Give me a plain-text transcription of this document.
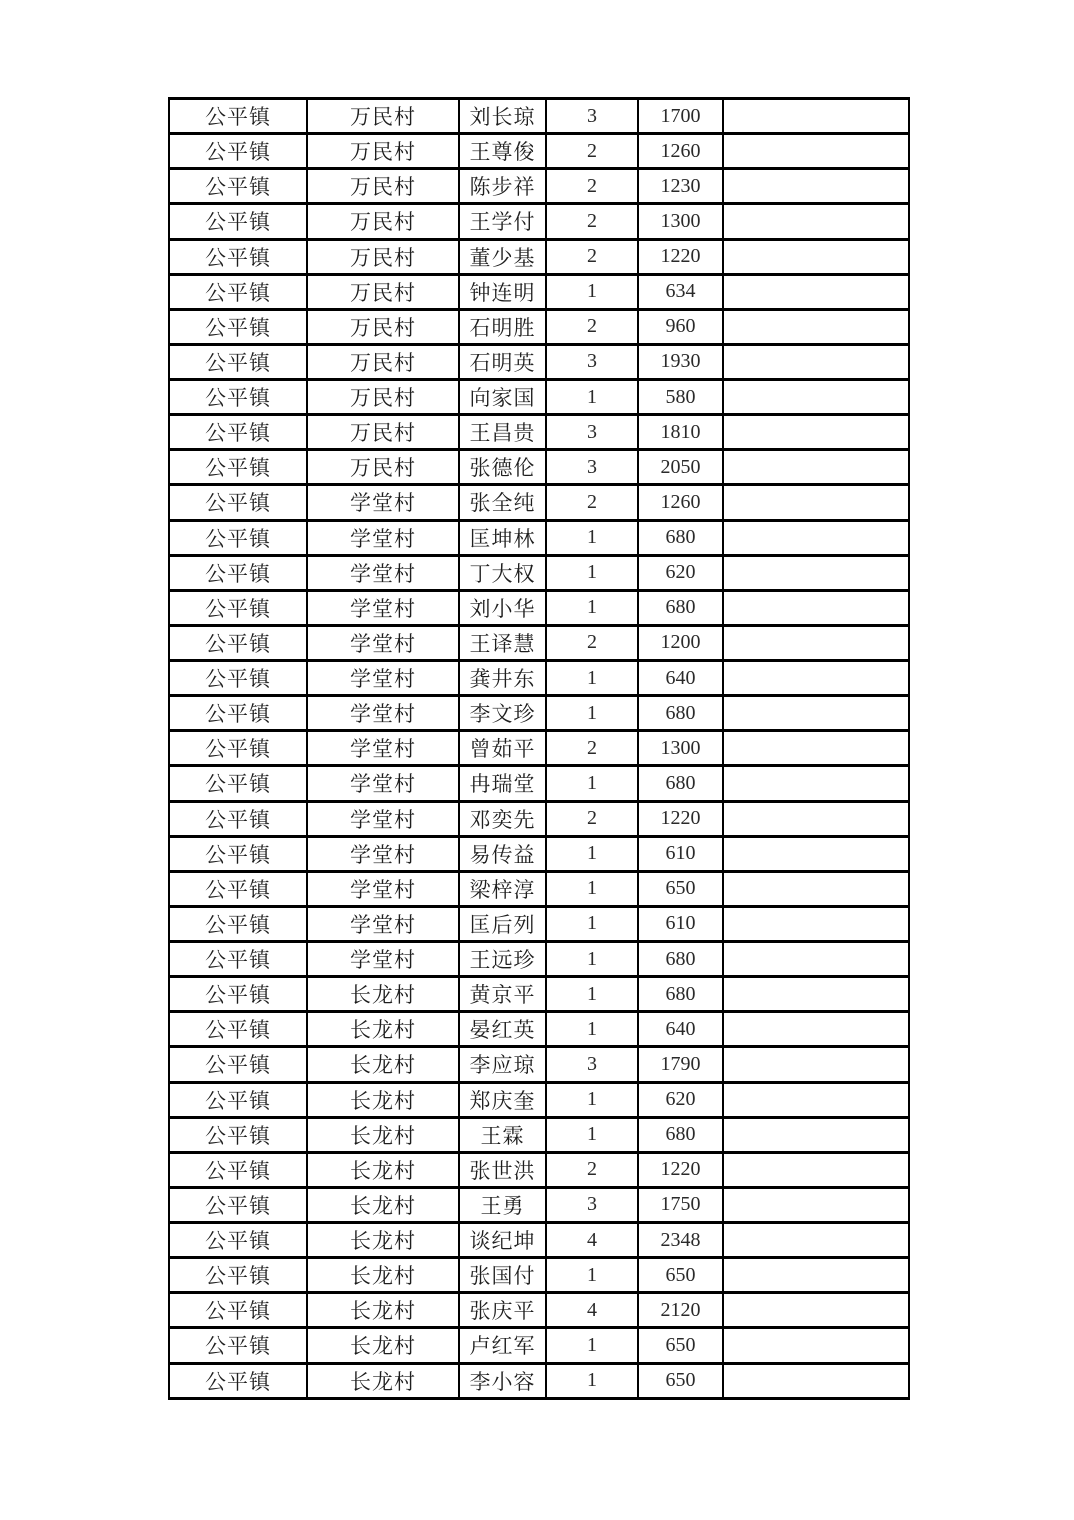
公平镇	万民村	刘长琼	3	1700	
公平镇	万民村	王尊俊	2	1260	
公平镇	万民村	陈步祥	2	1230	
公平镇	万民村	王学付	2	1300	
公平镇	万民村	董少基	2	1220	
公平镇	万民村	钟连明	1	634	
公平镇	万民村	石明胜	2	960	
公平镇	万民村	石明英	3	1930	
公平镇	万民村	向家国	1	580	
公平镇	万民村	王昌贵	3	1810	
公平镇	万民村	张德伦	3	2050	
公平镇	学堂村	张全纯	2	1260	
公平镇	学堂村	匡坤林	1	680	
公平镇	学堂村	丁大权	1	620	
公平镇	学堂村	刘小华	1	680	
公平镇	学堂村	王译慧	2	1200	
公平镇	学堂村	龚井东	1	640	
公平镇	学堂村	李文珍	1	680	
公平镇	学堂村	曾茹平	2	1300	
公平镇	学堂村	冉瑞堂	1	680	
公平镇	学堂村	邓奕先	2	1220	
公平镇	学堂村	易传益	1	610	
公平镇	学堂村	梁梓淳	1	650	
公平镇	学堂村	匡后列	1	610	
公平镇	学堂村	王远珍	1	680	
公平镇	长龙村	黄京平	1	680	
公平镇	长龙村	晏红英	1	640	
公平镇	长龙村	李应琼	3	1790	
公平镇	长龙村	郑庆奎	1	620	
公平镇	长龙村	王霖	1	680	
公平镇	长龙村	张世洪	2	1220	
公平镇	长龙村	王勇	3	1750	
公平镇	长龙村	谈纪坤	4	2348	
公平镇	长龙村	张国付	1	650	
公平镇	长龙村	张庆平	4	2120	
公平镇	长龙村	卢红军	1	650	
公平镇	长龙村	李小容	1	650	
